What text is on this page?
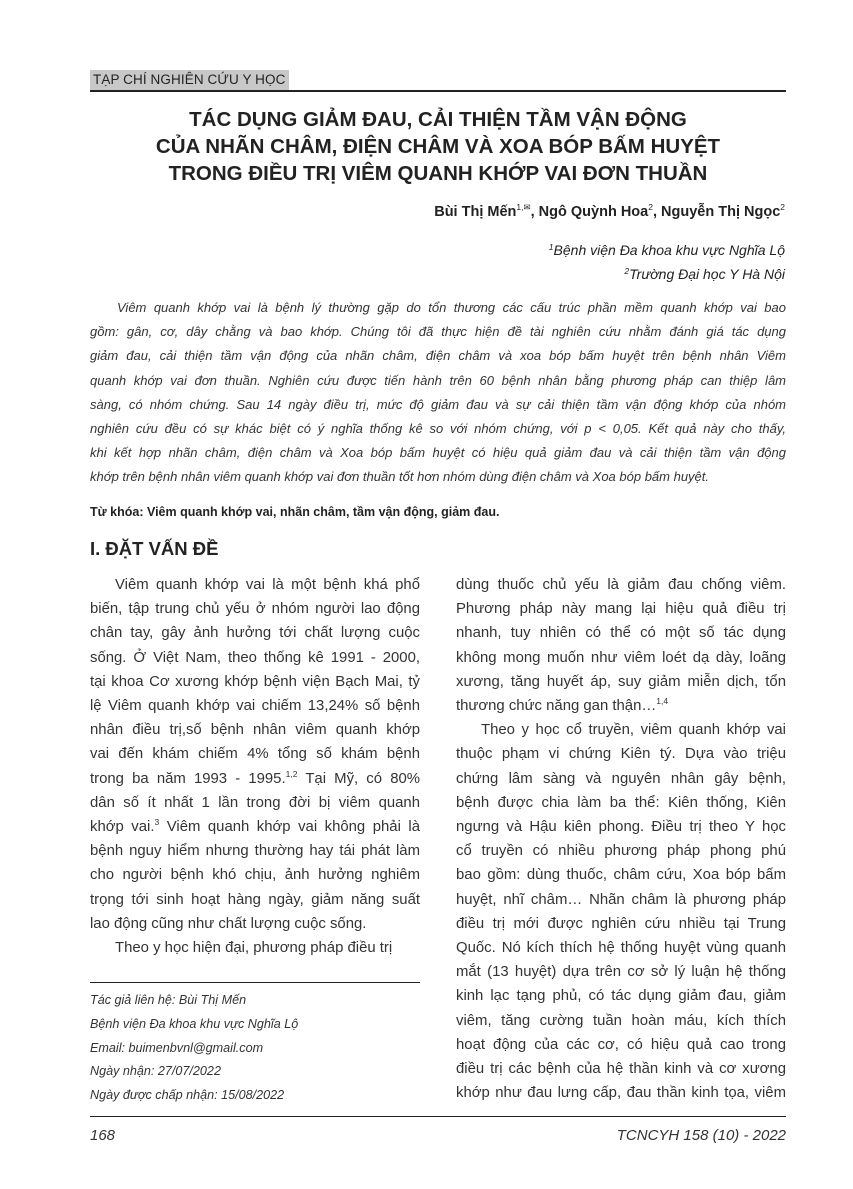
TẠP CHÍ NGHIÊN CỨU Y HỌC
TÁC DỤNG GIẢM ĐAU, CẢI THIỆN TẦM VẬN ĐỘNG
CỦA NHÃN CHÂM, ĐIỆN CHÂM VÀ XOA BÓP BẤM HUYỆT
TRONG ĐIỀU TRỊ VIÊM QUANH KHỚP VAI ĐƠN THUẦN
Bùi Thị Mến$^{1,✉}$, Ngô Quỳnh Hoa$^2$, Nguyễn Thị Ngọc$^2$
$^1$Bệnh viện Đa khoa khu vực Nghĩa Lộ
$^2$Trường Đại học Y Hà Nội
Viêm quanh khớp vai là bệnh lý thường gặp do tổn thương các cấu trúc phần mềm quanh khớp vai bao
gồm: gân, cơ, dây chằng và bao khớp. Chúng tôi đã thực hiện đề tài nghiên cứu nhằm đánh giá tác dụng
giảm đau, cải thiện tầm vận động của nhãn châm, điện châm và xoa bóp bấm huyệt trên bệnh nhân Viêm
quanh khớp vai đơn thuần. Nghiên cứu được tiến hành trên 60 bệnh nhân bằng phương pháp can thiệp lâm
sàng, có nhóm chứng. Sau 14 ngày điều trị, mức độ giảm đau và sự cải thiện tầm vận động khớp của nhóm
nghiên cứu đều có sự khác biệt có ý nghĩa thống kê so với nhóm chứng, với p < 0,05. Kết quả này cho thấy,
khi kết hợp nhãn châm, điện châm và Xoa bóp bấm huyệt có hiệu quả giảm đau và cải thiện tầm vận động
khớp trên bệnh nhân viêm quanh khớp vai đơn thuần tốt hơn nhóm dùng điện châm và Xoa bóp bấm huyệt.
Từ khóa: Viêm quanh khớp vai, nhãn châm, tầm vận động, giảm đau.
I. ĐẶT VẤN ĐỀ
Viêm quanh khớp vai là một bệnh khá phổ
biến, tập trung chủ yếu ở nhóm người lao động
chân tay, gây ảnh hưởng tới chất lượng cuộc
sống. Ở Việt Nam, theo thống kê 1991 - 2000,
tại khoa Cơ xương khớp bệnh viện Bạch Mai, tỷ
lệ Viêm quanh khớp vai chiếm 13,24% số bệnh
nhân điều trị,số bệnh nhân viêm quanh khớp
vai đến khám chiếm 4% tổng số khám bệnh
trong ba năm 1993 - 1995.$^{1,2}$ Tại Mỹ, có 80%
dân số ít nhất 1 lần trong đời bị viêm quanh
khớp vai.$^3$ Viêm quanh khớp vai không phải là
bệnh nguy hiểm nhưng thường hay tái phát làm
cho người bệnh khó chịu, ảnh hưởng nghiêm
trọng tới sinh hoạt hàng ngày, giảm năng suất
lao động cũng như chất lượng cuộc sống.
Theo y học hiện đại, phương pháp điều trị
dùng thuốc chủ yếu là giảm đau chống viêm.
Phương pháp này mang lại hiệu quả điều trị
nhanh, tuy nhiên có thể có một số tác dụng
không mong muốn như viêm loét dạ dày, loãng
xương, tăng huyết áp, suy giảm miễn dịch, tổn
thương chức năng gan thận…$^{1,4}$
Theo y học cổ truyền, viêm quanh khớp vai
thuộc phạm vi chứng Kiên tý. Dựa vào triệu
chứng lâm sàng và nguyên nhân gây bệnh,
bệnh được chia làm ba thể: Kiên thống, Kiên
ngưng và Hậu kiên phong. Điều trị theo Y học
cổ truyền có nhiều phương pháp phong phú
bao gồm: dùng thuốc, châm cứu, Xoa bóp bấm
huyệt, nhĩ châm… Nhãn châm là phương pháp
điều trị mới được nghiên cứu nhiều tại Trung
Quốc. Nó kích thích hệ thống huyệt vùng quanh
mắt (13 huyệt) dựa trên cơ sở lý luận hệ thống
kinh lạc tạng phủ, có tác dụng giảm đau, giảm
viêm, tăng cường tuần hoàn máu, kích thích
hoạt động của các cơ, có hiệu quả cao trong
điều trị các bệnh của hệ thần kinh và cơ xương
khớp như đau lưng cấp, đau thần kinh tọa, viêm
Tác giả liên hệ: Bùi Thị Mến
Bệnh viện Đa khoa khu vực Nghĩa Lộ
Email: buimenbvnl@gmail.com
Ngày nhận: 27/07/2022
Ngày được chấp nhận: 15/08/2022
168	TCNCYH 158 (10) - 2022
